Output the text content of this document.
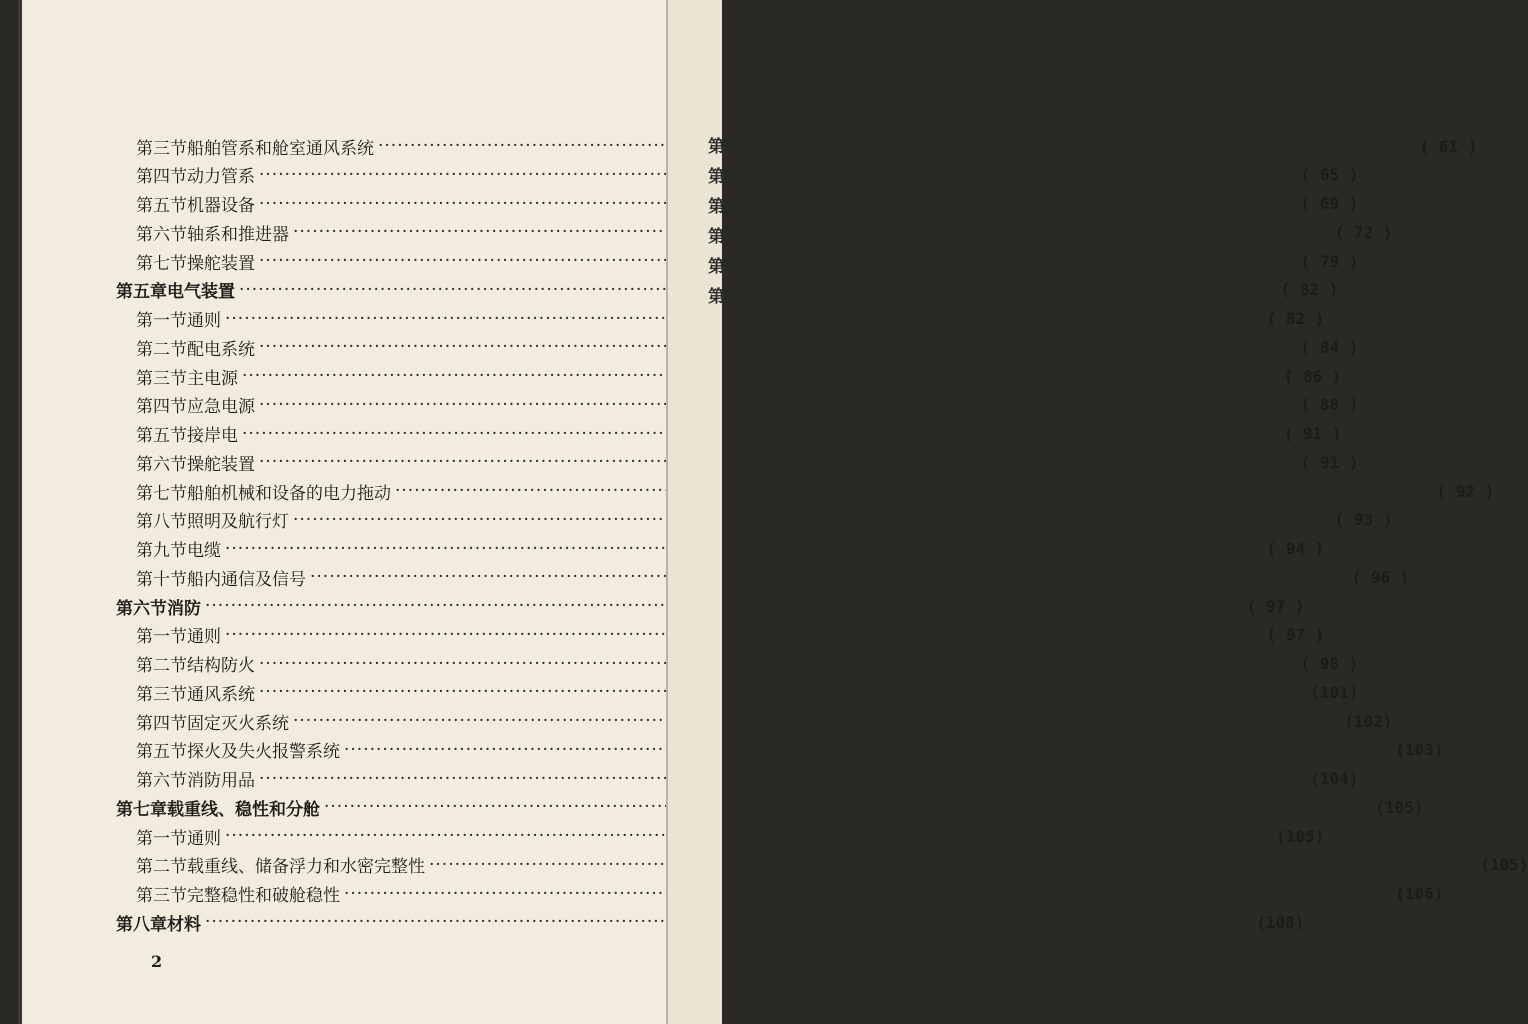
第三节 船舶管系和舱室通风系统 ·····	( 61 )
第四节 动力管系 ·····	( 65 )
第五节 机器设备 ·····	( 69 )
第六节 轴系和推进器 ·····	( 72 )
第七节 操舵装置 ·····	( 79 )
第五章 电气装置 ·····	( 82 )
第一节 通则 ·····	( 82 )
第二节 配电系统 ·····	( 84 )
第三节 主电源 ·····	( 86 )
第四节 应急电源 ·····	( 88 )
第五节 接岸电 ·····	( 91 )
第六节 操舵装置 ·····	( 91 )
第七节 船舶机械和设备的电力拖动 ·····	( 92 )
第八节 照明及航行灯 ·····	( 93 )
第九节 电缆 ·····	( 94 )
第十节 船内通信及信号 ·····	( 96 )
第六节 消防 ·····	( 97 )
第一节 通则 ·····	( 97 )
第二节 结构防火 ·····	( 98 )
第三节 通风系统 ·····	(101)
第四节 固定灭火系统 ·····	(102)
第五节 探火及失火报警系统 ·····	(103)
第六节 消防用品 ·····	(104)
第七章 载重线、稳性和分舱 ·····	(105)
第一节 通则 ·····	(105)
第二节 载重线、储备浮力和水密完整性 ·····	(105)
第三节 完整稳性和破舱稳性 ·····	(106)
第八章 材料 ·····	(108)
2
第
第
第
第
第
第
